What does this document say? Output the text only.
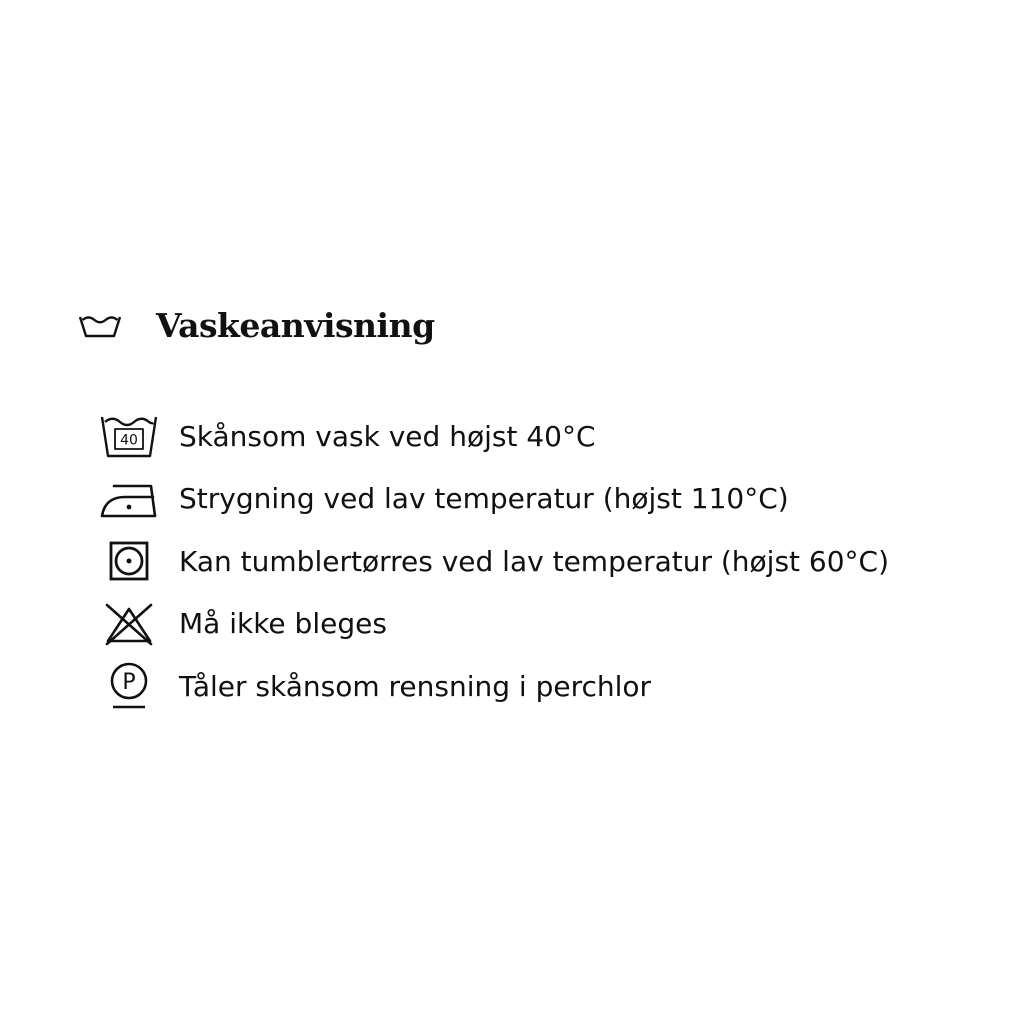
Vaskeanvisning
40 Skånsom vask ved højst 40°C
Strygning ved lav temperatur (højst 110°C)
Kan tumblertørres ved lav temperatur (højst 60°C)
Må ikke bleges
P Tåler skånsom rensning i perchlor
